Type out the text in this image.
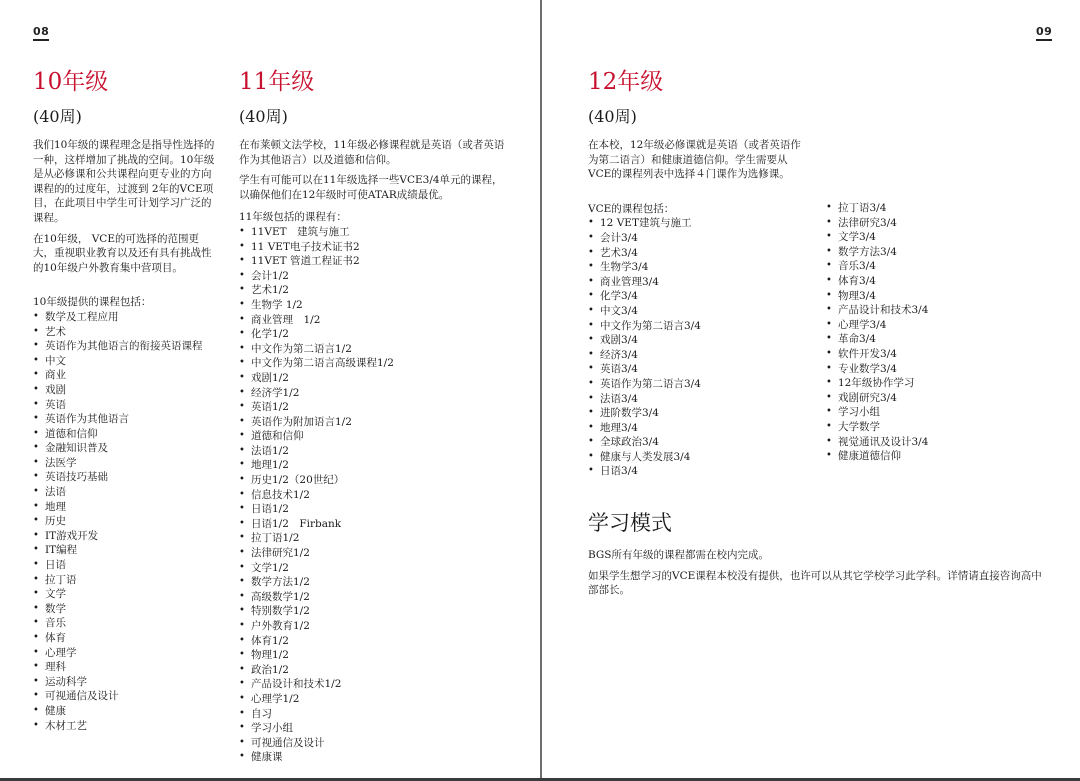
08
10年级
(40周)

我们10年级的课程理念是指导性选择的一种，这样增加了挑战的空间。10年级是从必修课和公共课程向更专业的方向课程的的过度年，过渡到 2年的VCE项目，在此项目中学生可计划学习广泛的课程。

在10年级， VCE的可选择的范围更大，重视职业教育以及还有具有挑战性的10年级户外教育集中营项目。

10年级提供的课程包括：

• 数学及工程应用
• 艺术
• 英语作为其他语言的衔接英语课程
• 中文
• 商业
• 戏剧
• 英语
• 英语作为其他语言
• 道德和信仰
• 金融知识普及
• 法医学
• 英语技巧基础
• 法语
• 地理
• 历史
• IT游戏开发
• IT编程
• 日语
• 拉丁语
• 文学
• 数学
• 音乐
• 体育
• 心理学
• 理科
• 运动科学
• 可视通信及设计
• 健康
• 木材工艺
11年级
(40周)

在布莱顿文法学校，11年级必修课程就是英语（或者英语作为其他语言）以及道德和信仰。

学生有可能可以在11年级选择一些VCE3/4单元的课程，以确保他们在12年级时可使ATAR成绩最优。

11年级包括的课程有：

• 11VET　建筑与施工
• 11 VET电子技术证书2
• 11VET 管道工程证书2
• 会计1/2
• 艺术1/2
• 生物学 1/2
• 商业管理　1/2
• 化学1/2
• 中文作为第二语言1/2
• 中文作为第二语言高级课程1/2
• 戏剧1/2
• 经济学1/2
• 英语1/2
• 英语作为附加语言1/2
• 道德和信仰
• 法语1/2
• 地理1/2
• 历史1/2（20世纪）
• 信息技术1/2
• 日语1/2
• 日语1/2　Firbank
• 拉丁语1/2
• 法律研究1/2
• 文学1/2
• 数学方法1/2
• 高级数学1/2
• 特别数学1/2
• 户外教育1/2
• 体育1/2
• 物理1/2
• 政治1/2
• 产品设计和技术1/2
• 心理学1/2
• 自习
• 学习小组
• 可视通信及设计
• 健康课
09
12年级
(40周)

在本校，12年级必修课就是英语（或者英语作为第二语言）和健康道德信仰。学生需要从VCE的课程列表中选择４门课作为选修课。

VCE的课程包括：

• 12 VET建筑与施工
• 会计3/4
• 艺术3/4
• 生物学3/4
• 商业管理3/4
• 化学3/4
• 中文3/4
• 中文作为第二语言3/4
• 戏剧3/4
• 经济3/4
• 英语3/4
• 英语作为第二语言3/4
• 法语3/4
• 进阶数学3/4
• 地理3/4
• 全球政治3/4
• 健康与人类发展3/4
• 日语3/4
• 拉丁语3/4
• 法律研究3/4
• 文学3/4
• 数学方法3/4
• 音乐3/4
• 体育3/4
• 物理3/4
• 产品设计和技术3/4
• 心理学3/4
• 革命3/4
• 软件开发3/4
• 专业数学3/4
• 12年级协作学习
• 戏剧研究3/4
• 学习小组
• 大学数学
• 视觉通讯及设计3/4
• 健康道德信仰
学习模式

BGS所有年级的课程都需在校内完成。

如果学生想学习的VCE课程本校没有提供，也许可以从其它学校学习此学科。详情请直接咨询高中部部长。
